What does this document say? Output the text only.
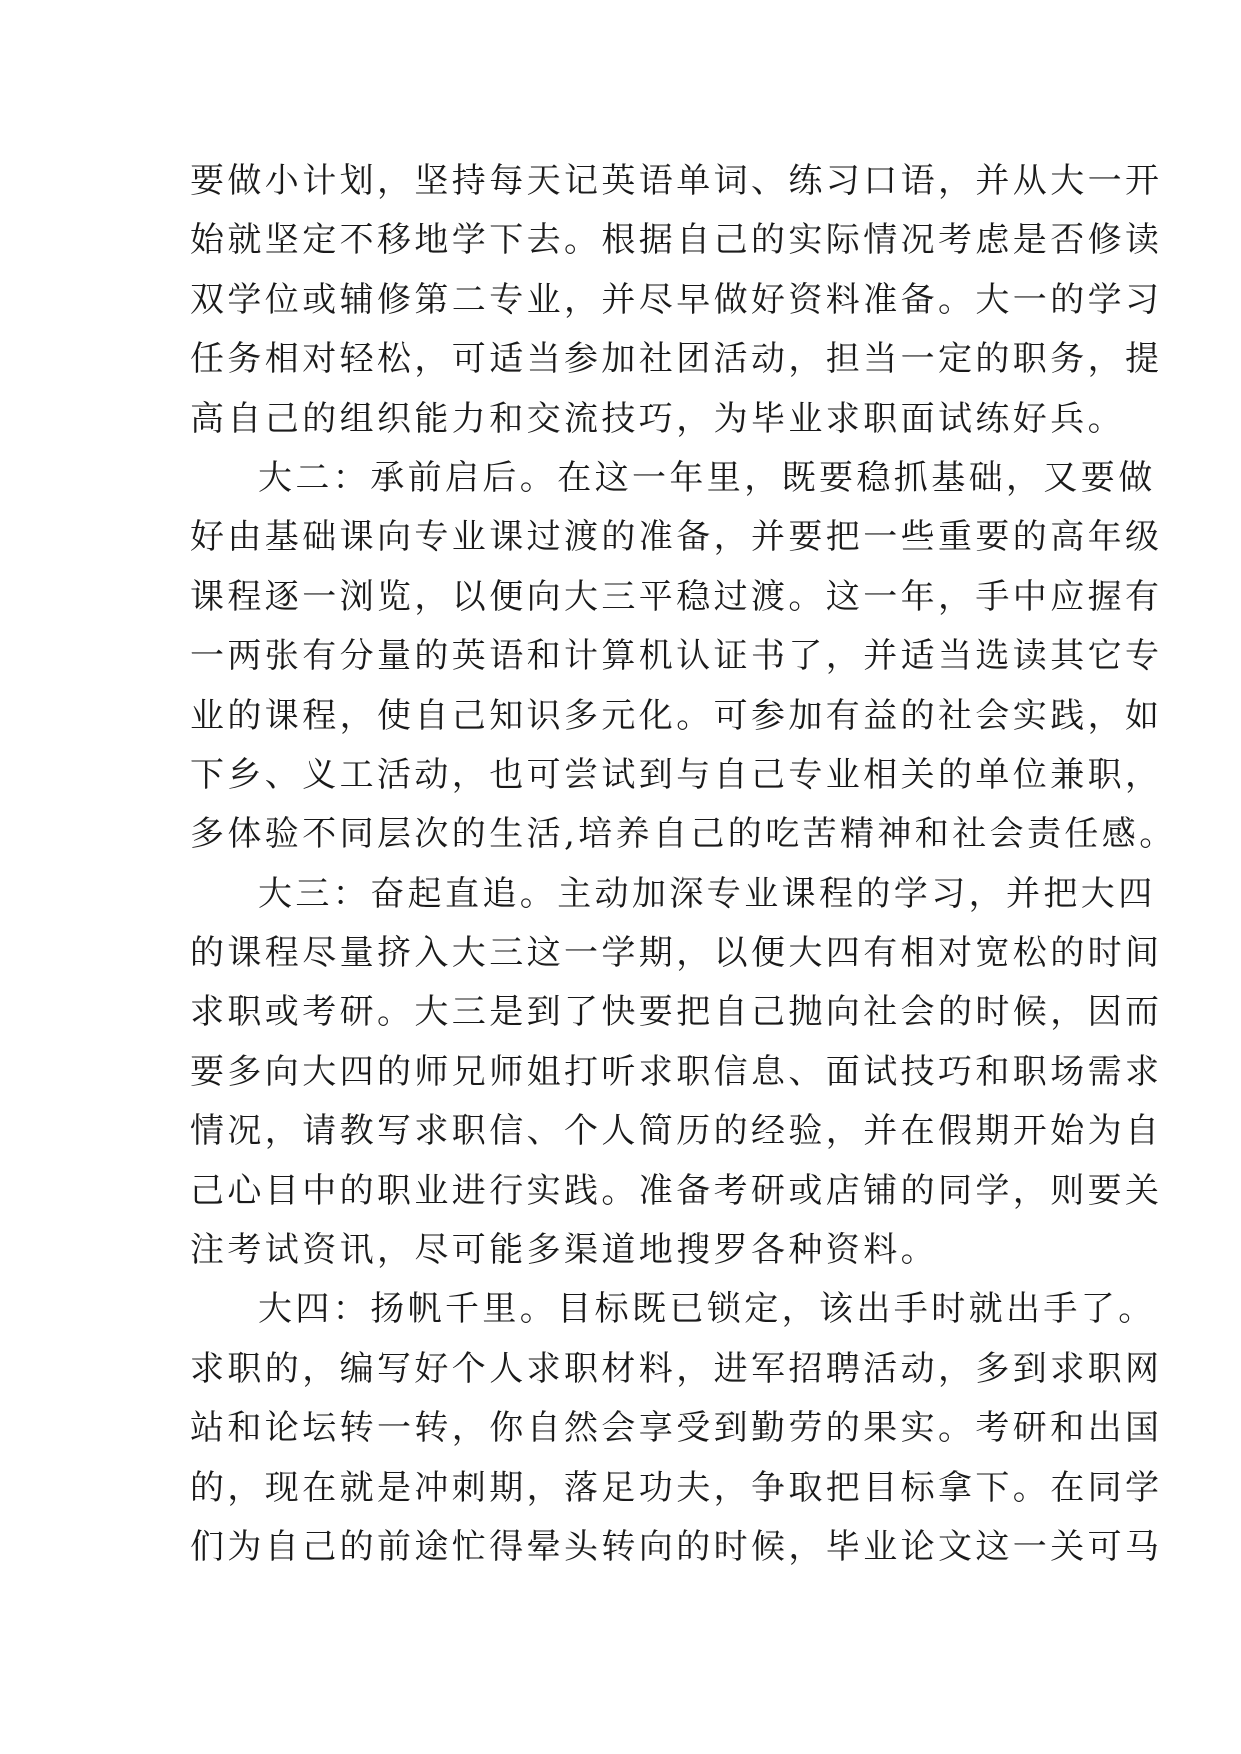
要做小计划，坚持每天记英语单词、练习口语，并从大一开
始就坚定不移地学下去。根据自己的实际情况考虑是否修读
双学位或辅修第二专业，并尽早做好资料准备。大一的学习
任务相对轻松，可适当参加社团活动，担当一定的职务，提
高自己的组织能力和交流技巧，为毕业求职面试练好兵。
大二：承前启后。在这一年里，既要稳抓基础，又要做
好由基础课向专业课过渡的准备，并要把一些重要的高年级
课程逐一浏览，以便向大三平稳过渡。这一年，手中应握有
一两张有分量的英语和计算机认证书了，并适当选读其它专
业的课程，使自己知识多元化。可参加有益的社会实践，如
下乡、义工活动，也可尝试到与自己专业相关的单位兼职，
多体验不同层次的生活,培养自己的吃苦精神和社会责任感。
大三：奋起直追。主动加深专业课程的学习，并把大四
的课程尽量挤入大三这一学期，以便大四有相对宽松的时间
求职或考研。大三是到了快要把自己抛向社会的时候，因而
要多向大四的师兄师姐打听求职信息、面试技巧和职场需求
情况，请教写求职信、个人简历的经验，并在假期开始为自
己心目中的职业进行实践。准备考研或店铺的同学，则要关
注考试资讯，尽可能多渠道地搜罗各种资料。
大四：扬帆千里。目标既已锁定，该出手时就出手了。
求职的，编写好个人求职材料，进军招聘活动，多到求职网
站和论坛转一转，你自然会享受到勤劳的果实。考研和出国
的，现在就是冲刺期，落足功夫，争取把目标拿下。在同学
们为自己的前途忙得晕头转向的时候，毕业论文这一关可马
